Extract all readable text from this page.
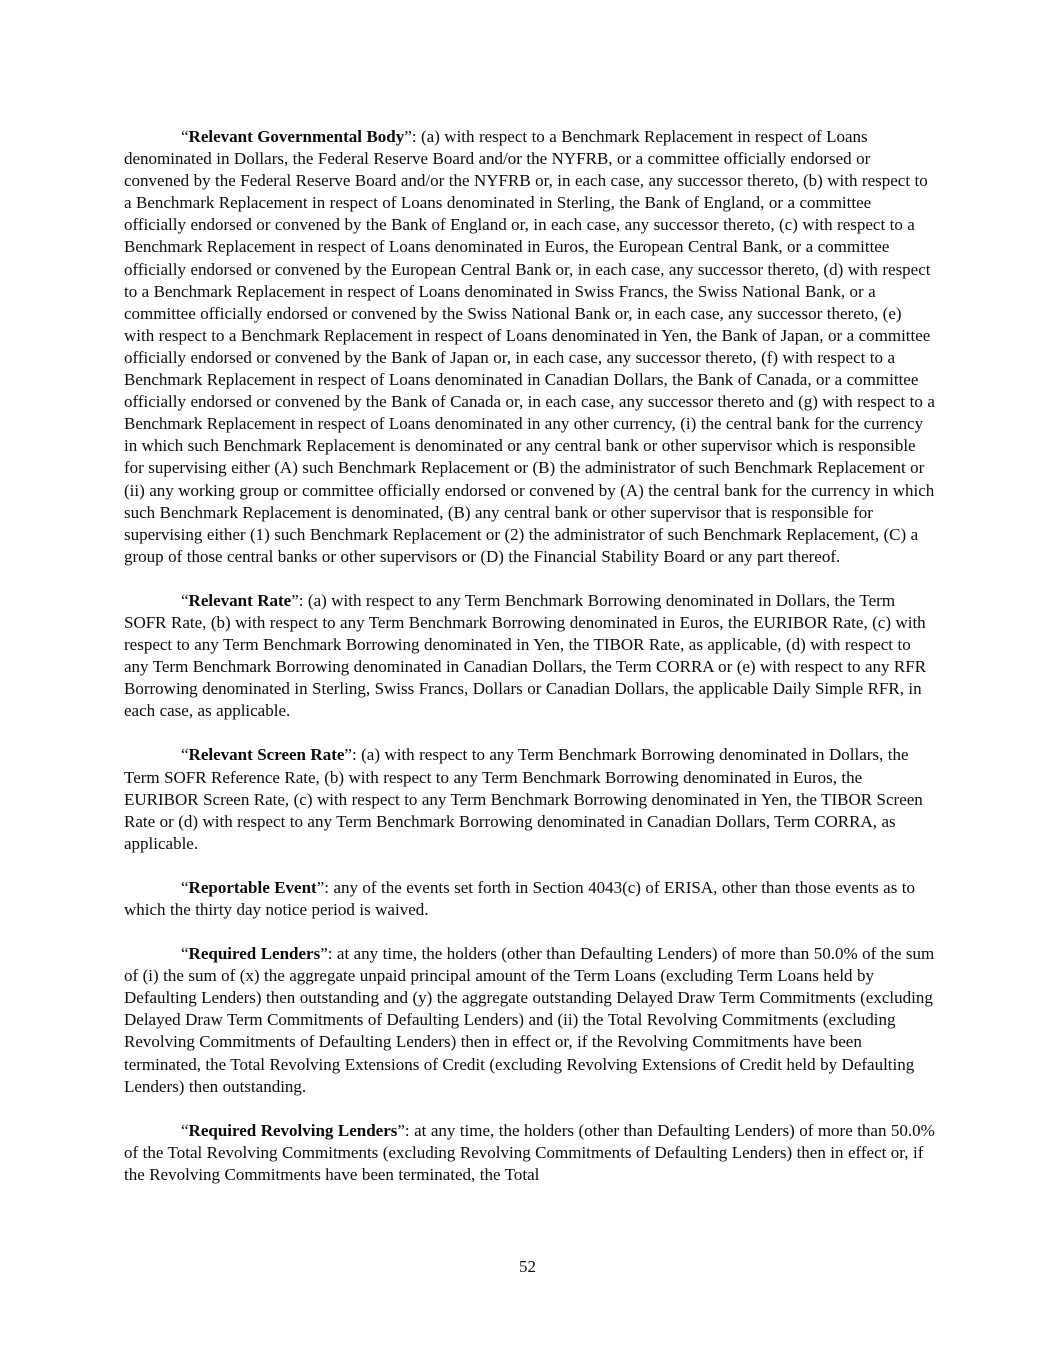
“Relevant Governmental Body”: (a) with respect to a Benchmark Replacement in respect of Loans denominated in Dollars, the Federal Reserve Board and/or the NYFRB, or a committee officially endorsed or convened by the Federal Reserve Board and/or the NYFRB or, in each case, any successor thereto, (b) with respect to a Benchmark Replacement in respect of Loans denominated in Sterling, the Bank of England, or a committee officially endorsed or convened by the Bank of England or, in each case, any successor thereto, (c) with respect to a Benchmark Replacement in respect of Loans denominated in Euros, the European Central Bank, or a committee officially endorsed or convened by the European Central Bank or, in each case, any successor thereto, (d) with respect to a Benchmark Replacement in respect of Loans denominated in Swiss Francs, the Swiss National Bank, or a committee officially endorsed or convened by the Swiss National Bank or, in each case, any successor thereto, (e) with respect to a Benchmark Replacement in respect of Loans denominated in Yen, the Bank of Japan, or a committee officially endorsed or convened by the Bank of Japan or, in each case, any successor thereto, (f) with respect to a Benchmark Replacement in respect of Loans denominated in Canadian Dollars, the Bank of Canada, or a committee officially endorsed or convened by the Bank of Canada or, in each case, any successor thereto and (g) with respect to a Benchmark Replacement in respect of Loans denominated in any other currency, (i) the central bank for the currency in which such Benchmark Replacement is denominated or any central bank or other supervisor which is responsible for supervising either (A) such Benchmark Replacement or (B) the administrator of such Benchmark Replacement or (ii) any working group or committee officially endorsed or convened by (A) the central bank for the currency in which such Benchmark Replacement is denominated, (B) any central bank or other supervisor that is responsible for supervising either (1) such Benchmark Replacement or (2) the administrator of such Benchmark Replacement, (C) a group of those central banks or other supervisors or (D) the Financial Stability Board or any part thereof.

“Relevant Rate”: (a) with respect to any Term Benchmark Borrowing denominated in Dollars, the Term SOFR Rate, (b) with respect to any Term Benchmark Borrowing denominated in Euros, the EURIBOR Rate, (c) with respect to any Term Benchmark Borrowing denominated in Yen, the TIBOR Rate, as applicable, (d) with respect to any Term Benchmark Borrowing denominated in Canadian Dollars, the Term CORRA or (e) with respect to any RFR Borrowing denominated in Sterling, Swiss Francs, Dollars or Canadian Dollars, the applicable Daily Simple RFR, in each case, as applicable.

“Relevant Screen Rate”: (a) with respect to any Term Benchmark Borrowing denominated in Dollars, the Term SOFR Reference Rate, (b) with respect to any Term Benchmark Borrowing denominated in Euros, the EURIBOR Screen Rate, (c) with respect to any Term Benchmark Borrowing denominated in Yen, the TIBOR Screen Rate or (d) with respect to any Term Benchmark Borrowing denominated in Canadian Dollars, Term CORRA, as applicable.

“Reportable Event”: any of the events set forth in Section 4043(c) of ERISA, other than those events as to which the thirty day notice period is waived.

“Required Lenders”: at any time, the holders (other than Defaulting Lenders) of more than 50.0% of the sum of (i) the sum of (x) the aggregate unpaid principal amount of the Term Loans (excluding Term Loans held by Defaulting Lenders) then outstanding and (y) the aggregate outstanding Delayed Draw Term Commitments (excluding Delayed Draw Term Commitments of Defaulting Lenders) and (ii) the Total Revolving Commitments (excluding Revolving Commitments of Defaulting Lenders) then in effect or, if the Revolving Commitments have been terminated, the Total Revolving Extensions of Credit (excluding Revolving Extensions of Credit held by Defaulting Lenders) then outstanding.

“Required Revolving Lenders”: at any time, the holders (other than Defaulting Lenders) of more than 50.0% of the Total Revolving Commitments (excluding Revolving Commitments of Defaulting Lenders) then in effect or, if the Revolving Commitments have been terminated, the Total

52
